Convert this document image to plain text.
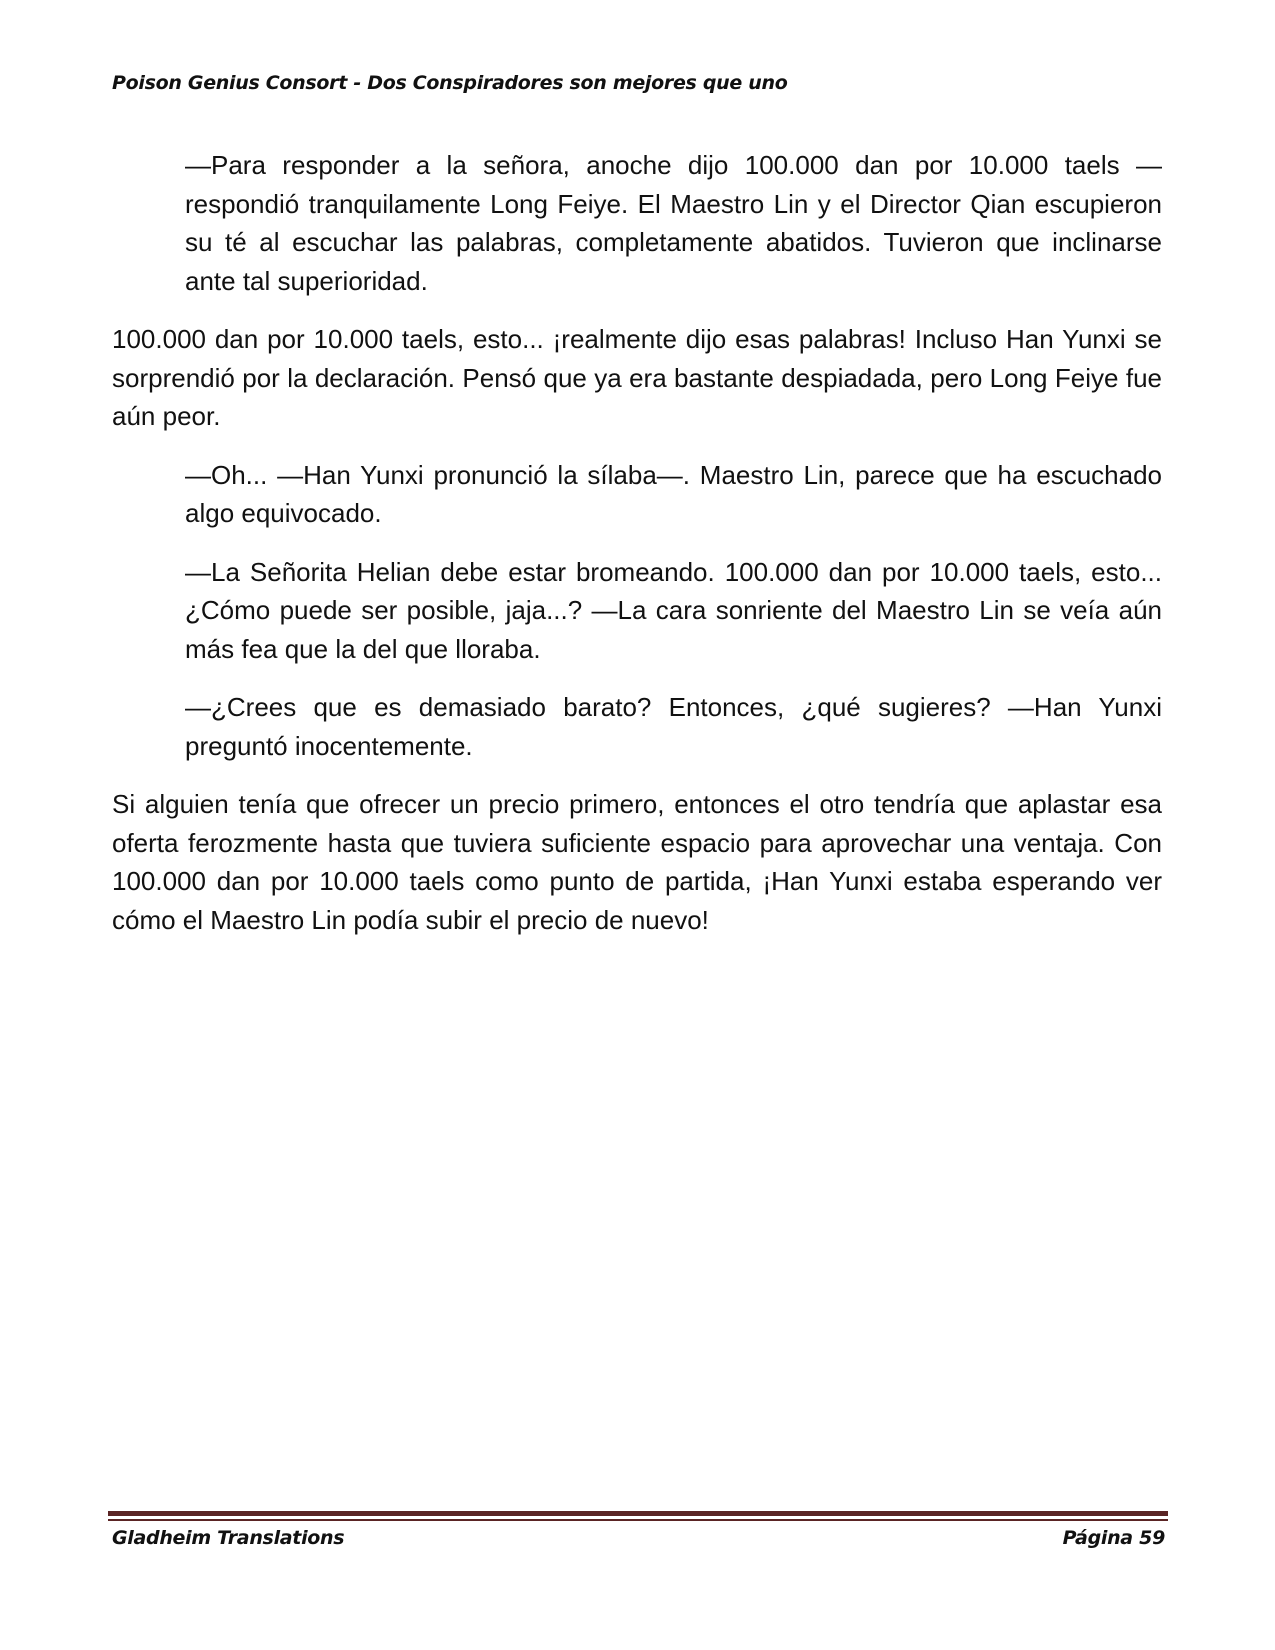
Poison Genius Consort - Dos Conspiradores son mejores que uno

—Para responder a la señora, anoche dijo 100.000 dan por 10.000 taels —respondió tranquilamente Long Feiye. El Maestro Lin y el Director Qian escupieron su té al escuchar las palabras, completamente abatidos. Tuvieron que inclinarse ante tal superioridad.

100.000 dan por 10.000 taels, esto... ¡realmente dijo esas palabras! Incluso Han Yunxi se sorprendió por la declaración. Pensó que ya era bastante despiadada, pero Long Feiye fue aún peor.

—Oh... —Han Yunxi pronunció la sílaba—. Maestro Lin, parece que ha escuchado algo equivocado.

—La Señorita Helian debe estar bromeando. 100.000 dan por 10.000 taels, esto... ¿Cómo puede ser posible, jaja...? —La cara sonriente del Maestro Lin se veía aún más fea que la del que lloraba.

—¿Crees que es demasiado barato? Entonces, ¿qué sugieres? —Han Yunxi preguntó inocentemente.

Si alguien tenía que ofrecer un precio primero, entonces el otro tendría que aplastar esa oferta ferozmente hasta que tuviera suficiente espacio para aprovechar una ventaja. Con 100.000 dan por 10.000 taels como punto de partida, ¡Han Yunxi estaba esperando ver cómo el Maestro Lin podía subir el precio de nuevo!

Gladheim Translations	Página 59
